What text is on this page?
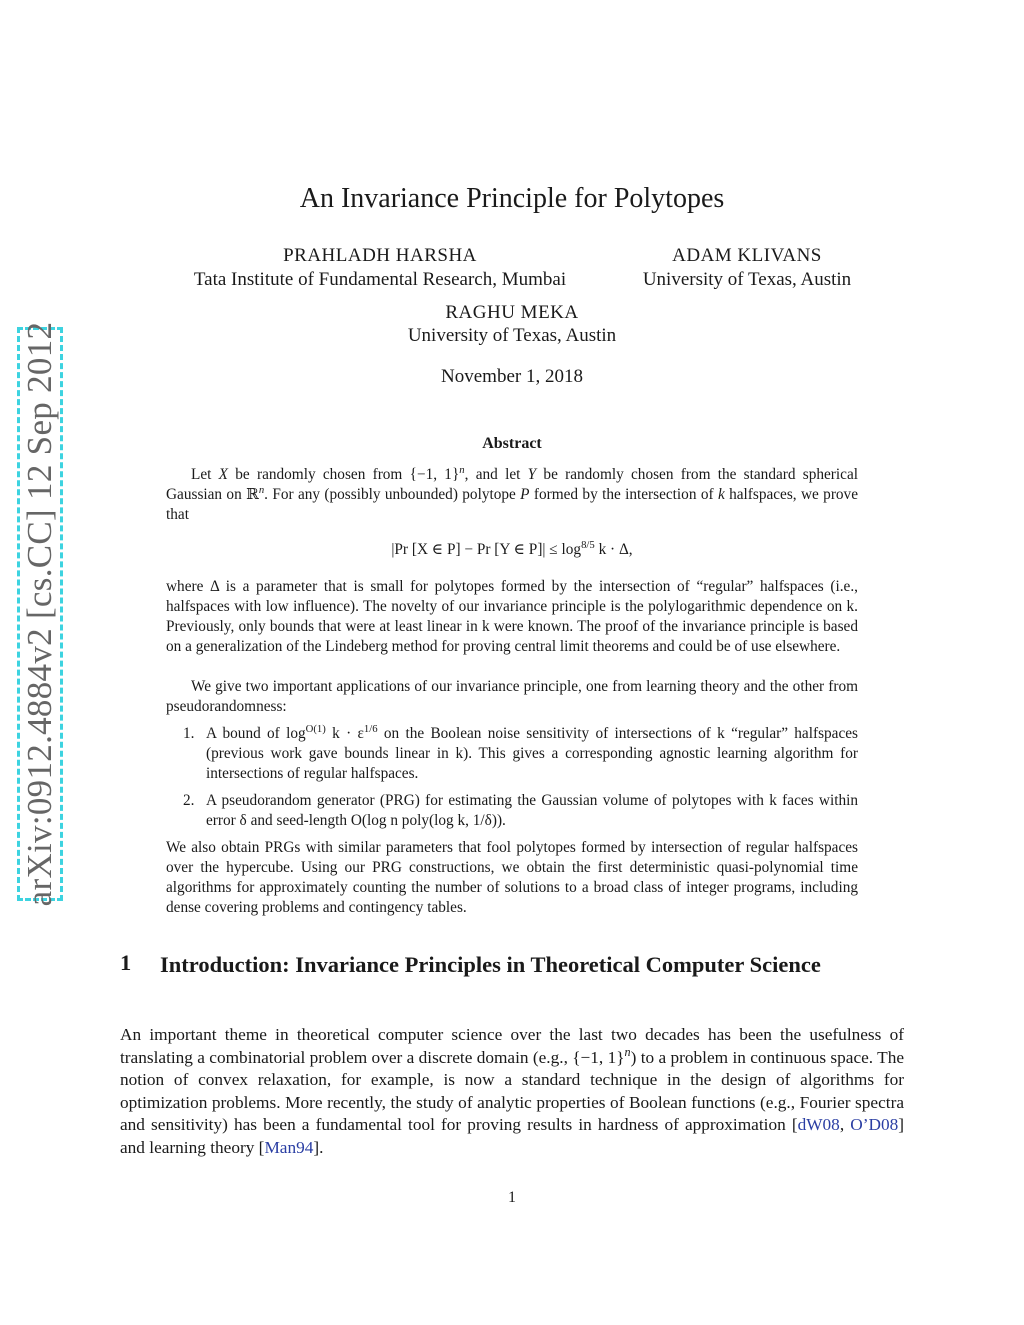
arXiv:0912.4884v2 [cs.CC] 12 Sep 2012
An Invariance Principle for Polytopes
PRAHLADH HARSHA
Tata Institute of Fundamental Research, Mumbai
ADAM KLIVANS
University of Texas, Austin
RAGHU MEKA
University of Texas, Austin
November 1, 2018
Abstract
Let X be randomly chosen from {−1, 1}$^n$, and let Y be randomly chosen from the standard spherical Gaussian on ℝ$^n$. For any (possibly unbounded) polytope P formed by the intersection of k halfspaces, we prove that
|Pr [X ∈ P] − Pr [Y ∈ $P]| \le \log^{8/5} k \cdot \Delta$,
where Δ is a parameter that is small for polytopes formed by the intersection of “regular” halfspaces (i.e., halfspaces with low influence). The novelty of our invariance principle is the polylogarithmic dependence on k. Previously, only bounds that were at least linear in k were known. The proof of the invariance principle is based on a generalization of the Lindeberg method for proving central limit theorems and could be of use elsewhere.
We give two important applications of our invariance principle, one from learning theory and the other from pseudorandomness:
1. A bound of $\log^{O(1)} k \cdot \varepsilon^{1/6}$ on the Boolean noise sensitivity of intersections of k “regular” halfspaces (previous work gave bounds linear in k). This gives a corresponding agnostic learning algorithm for intersections of regular halfspaces.
2. A pseudorandom generator (PRG) for estimating the Gaussian volume of polytopes with k faces within error δ and seed-length O(log n poly(log k, 1/δ)).
We also obtain PRGs with similar parameters that fool polytopes formed by intersection of regular halfspaces over the hypercube. Using our PRG constructions, we obtain the first deterministic quasi-polynomial time algorithms for approximately counting the number of solutions to a broad class of integer programs, including dense covering problems and contingency tables.
1 Introduction: Invariance Principles in Theoretical Computer Science
An important theme in theoretical computer science over the last two decades has been the usefulness of translating a combinatorial problem over a discrete domain (e.g., {−1, 1}$^n$) to a problem in continuous space. The notion of convex relaxation, for example, is now a standard technique in the design of algorithms for optimization problems. More recently, the study of analytic properties of Boolean functions (e.g., Fourier spectra and sensitivity) has been a fundamental tool for proving results in hardness of approximation [dW08, O’D08] and learning theory [Man94].
1
